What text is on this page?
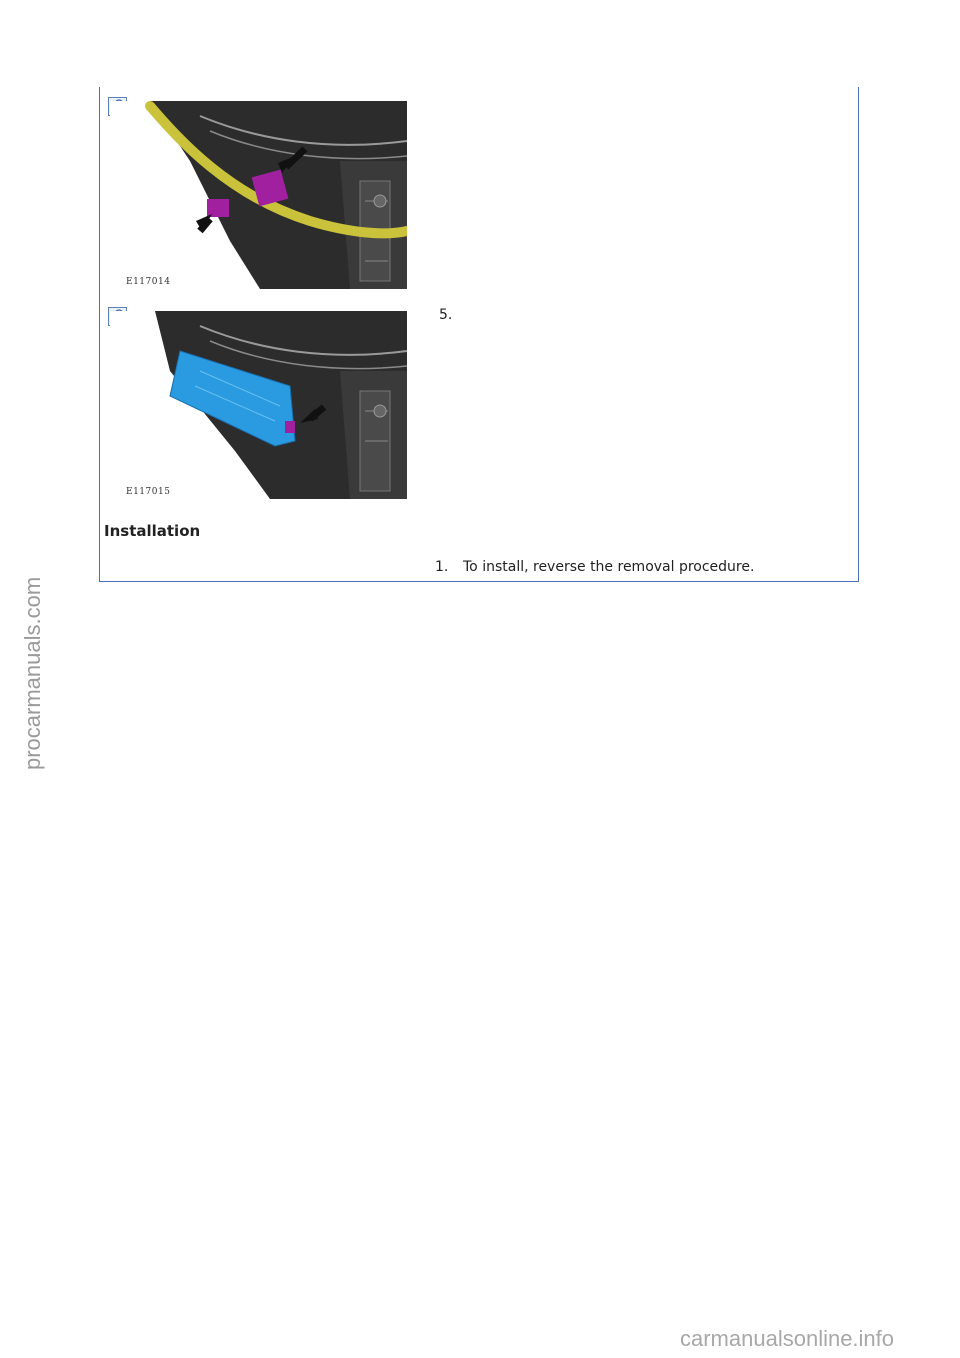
E117014
E117015
5.
Installation
1. To install, reverse the removal procedure.
procarmanuals.com
carmanualsonline.info
